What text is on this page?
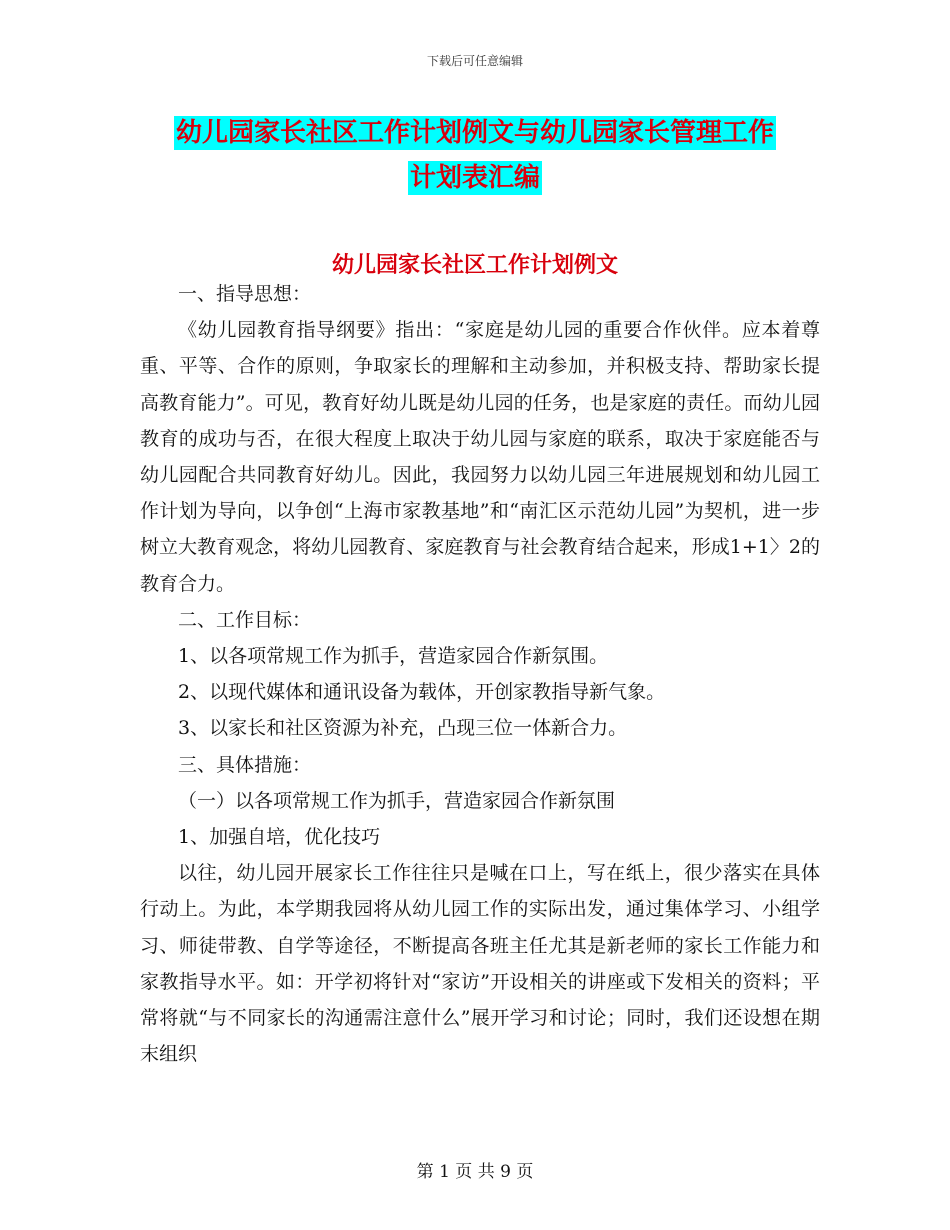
下载后可任意编辑
幼儿园家长社区工作计划例文与幼儿园家长管理工作
计划表汇编
幼儿园家长社区工作计划例文

一、指导思想：

《幼儿园教育指导纲要》指出：“家庭是幼儿园的重要合作伙伴。应本着尊重、平等、合作的原则，争取家长的理解和主动参加，并积极支持、帮助家长提高教育能力”。可见，教育好幼儿既是幼儿园的任务，也是家庭的责任。而幼儿园教育的成功与否，在很大程度上取决于幼儿园与家庭的联系，取决于家庭能否与幼儿园配合共同教育好幼儿。因此，我园努力以幼儿园三年进展规划和幼儿园工作计划为导向，以争创“上海市家教基地”和“南汇区示范幼儿园”为契机，进一步树立大教育观念，将幼儿园教育、家庭教育与社会教育结合起来，形成1+1〉2的教育合力。

二、工作目标：

1、以各项常规工作为抓手，营造家园合作新氛围。

2、以现代媒体和通讯设备为载体，开创家教指导新气象。

3、以家长和社区资源为补充，凸现三位一体新合力。

三、具体措施：

（一）以各项常规工作为抓手，营造家园合作新氛围

1、加强自培，优化技巧

以往，幼儿园开展家长工作往往只是喊在口上，写在纸上，很少落实在具体行动上。为此，本学期我园将从幼儿园工作的实际出发，通过集体学习、小组学习、师徒带教、自学等途径，不断提高各班主任尤其是新老师的家长工作能力和家教指导水平。如：开学初将针对“家访”开设相关的讲座或下发相关的资料；平常将就“与不同家长的沟通需注意什么”展开学习和讨论；同时，我们还设想在期末组织

第 1 页 共 9 页
